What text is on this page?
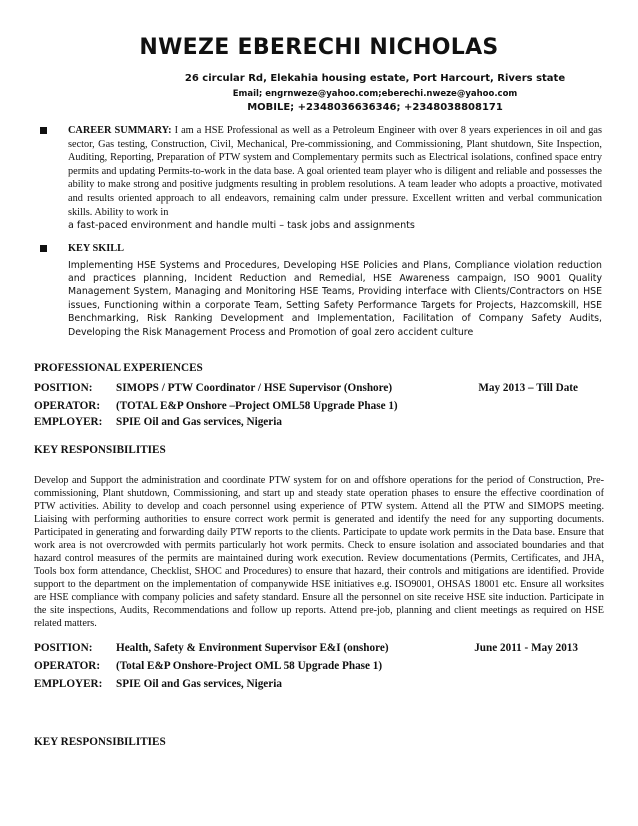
NWEZE EBERECHI NICHOLAS
26 circular Rd, Elekahia housing estate, Port Harcourt, Rivers state
Email; engrnweze@yahoo.com;eberechi.nweze@yahoo.com
MOBILE; +2348036636346; +2348038808171
CAREER SUMMARY: I am a HSE Professional as well as a Petroleum Engineer with over 8 years experiences in oil and gas sector, Gas testing, Construction, Civil, Mechanical, Pre-commissioning, and Commissioning, Plant shutdown, Site Inspection, Auditing, Reporting, Preparation of PTW system and Complementary permits such as Electrical isolations, confined space entry permits and updating Permits-to-work in the data base. A goal oriented team player who is diligent and reliable and possesses the ability to make strong and positive judgments resulting in problem resolutions. A team leader who adopts a proactive, motivated and results oriented approach to all endeavors, remaining calm under pressure. Excellent written and verbal communication skills. Ability to work in
a fast-paced environment and handle multi – task jobs and assignments
KEY SKILL
Implementing HSE Systems and Procedures, Developing HSE Policies and Plans, Compliance violation reduction and practices planning, Incident Reduction and Remedial, HSE Awareness campaign, ISO 9001 Quality Management System, Managing and Monitoring HSE Teams, Providing interface with Clients/Contractors on HSE issues, Functioning within a corporate Team, Setting Safety Performance Targets for Projects, Hazcomskill, HSE Benchmarking, Risk Ranking Development and Implementation, Facilitation of Company Safety Audits, Developing the Risk Management Process and Promotion of goal zero accident culture
PROFESSIONAL EXPERIENCES
POSITION: SIMOPS / PTW Coordinator / HSE Supervisor (Onshore)	May 2013 – Till Date
OPERATOR: (TOTAL E&P Onshore –Project OML58 Upgrade Phase 1)
EMPLOYER: SPIE Oil and Gas services, Nigeria
KEY RESPONSIBILITIES
Develop and Support the administration and coordinate PTW system for on and offshore operations for the period of Construction, Pre-commissioning, Plant shutdown, Commissioning, and start up and steady state operation phases to ensure the effective coordination of PTW activities. Ability to develop and coach personnel using experience of PTW system. Attend all the PTW and SIMOPS meeting. Liaising with performing authorities to ensure correct work permit is generated and identify the need for any supporting documents. Participated in generating and forwarding daily PTW reports to the clients. Participate to update work permits in the Data base. Ensure that work area is not overcrowded with permits particularly hot work permits. Check to ensure isolation and associated boundaries and that hazard control measures of the permits are maintained during work execution. Review documentations (Permits, Certificates, and JHA, Tools box form attendance, Checklist, SHOC and Procedures) to ensure that hazard, their controls and mitigations are identified. Provide support to the department on the implementation of companywide HSE initiatives e.g. ISO9001, OHSAS 18001 etc. Ensure all worksites are HSE compliance with company policies and safety standard. Ensure all the personnel on site receive HSE site induction. Participate in the site inspections, Audits, Recommendations and follow up reports. Attend pre-job, planning and client meetings as required on HSE related matters.
POSITION: Health, Safety & Environment Supervisor E&I (onshore)	June 2011 - May 2013
OPERATOR: (Total E&P Onshore-Project OML 58 Upgrade Phase 1)
EMPLOYER: SPIE Oil and Gas services, Nigeria
KEY RESPONSIBILITIES
